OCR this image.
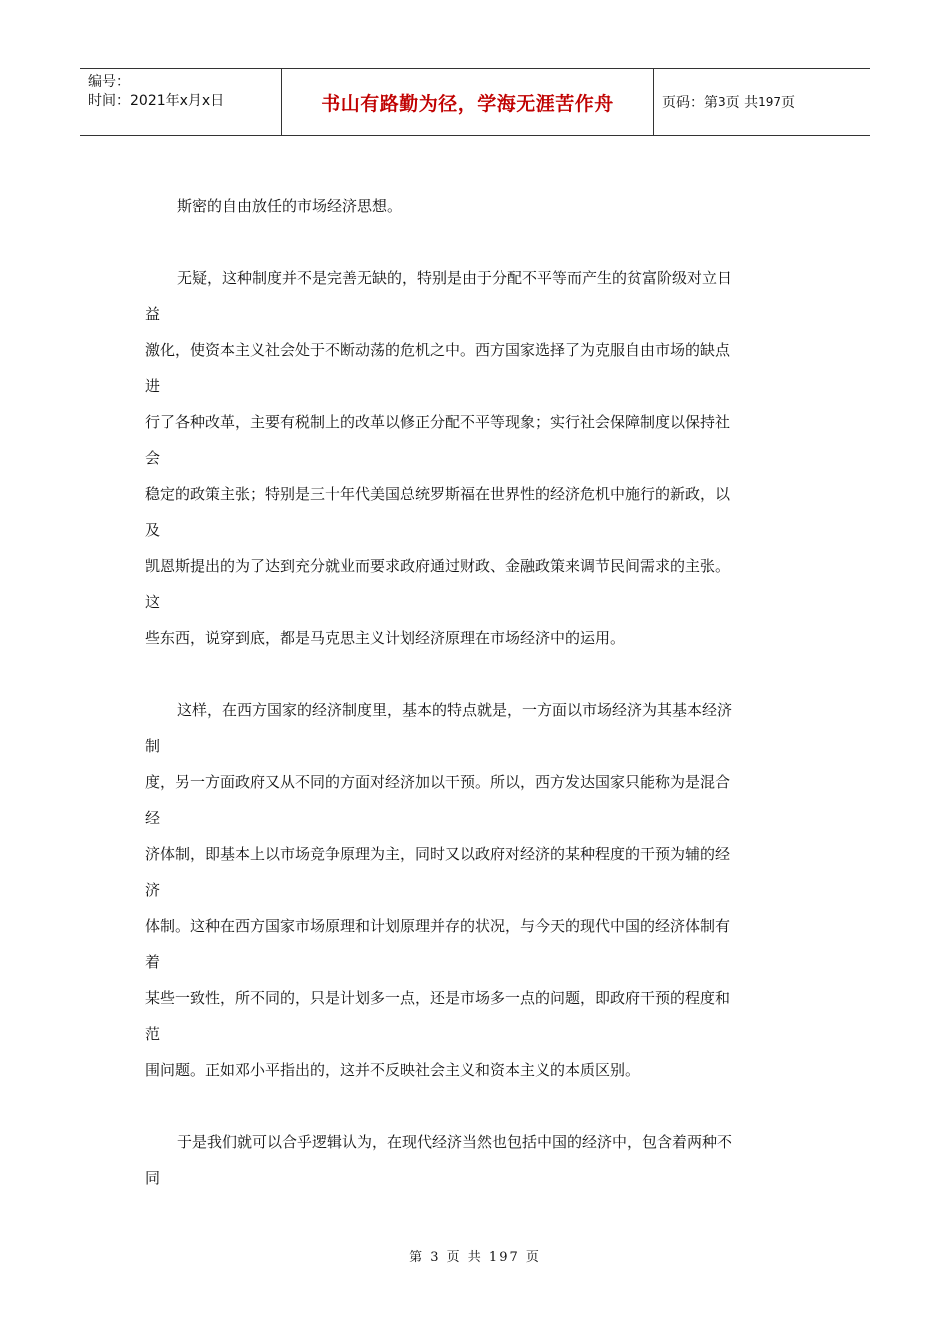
编号：
时间：2021年x月x日	书山有路勤为径，学海无涯苦作舟	页码：第 3 页 共 197 页
斯密的自由放任的市场经济思想。
无疑，这种制度并不是完善无缺的，特别是由于分配不平等而产生的贫富阶级对立日
益
激化，使资本主义社会处于不断动荡的危机之中。西方国家选择了为克服自由市场的缺点
进
行了各种改革，主要有税制上的改革以修正分配不平等现象；实行社会保障制度以保持社
会
稳定的政策主张；特别是三十年代美国总统罗斯福在世界性的经济危机中施行的新政，以
及
凯恩斯提出的为了达到充分就业而要求政府通过财政、金融政策来调节民间需求的主张。
这
些东西，说穿到底，都是马克思主义计划经济原理在市场经济中的运用。
这样，在西方国家的经济制度里，基本的特点就是，一方面以市场经济为其基本经济
制
度，另一方面政府又从不同的方面对经济加以干预。所以，西方发达国家只能称为是混合
经
济体制，即基本上以市场竞争原理为主，同时又以政府对经济的某种程度的干预为辅的经
济
体制。这种在西方国家市场原理和计划原理并存的状况，与今天的现代中国的经济体制有
着
某些一致性，所不同的，只是计划多一点，还是市场多一点的问题，即政府干预的程度和
范
围问题。正如邓小平指出的，这并不反映社会主义和资本主义的本质区别。
于是我们就可以合乎逻辑认为，在现代经济当然也包括中国的经济中，包含着两种不
同
第 3 页 共 197 页
